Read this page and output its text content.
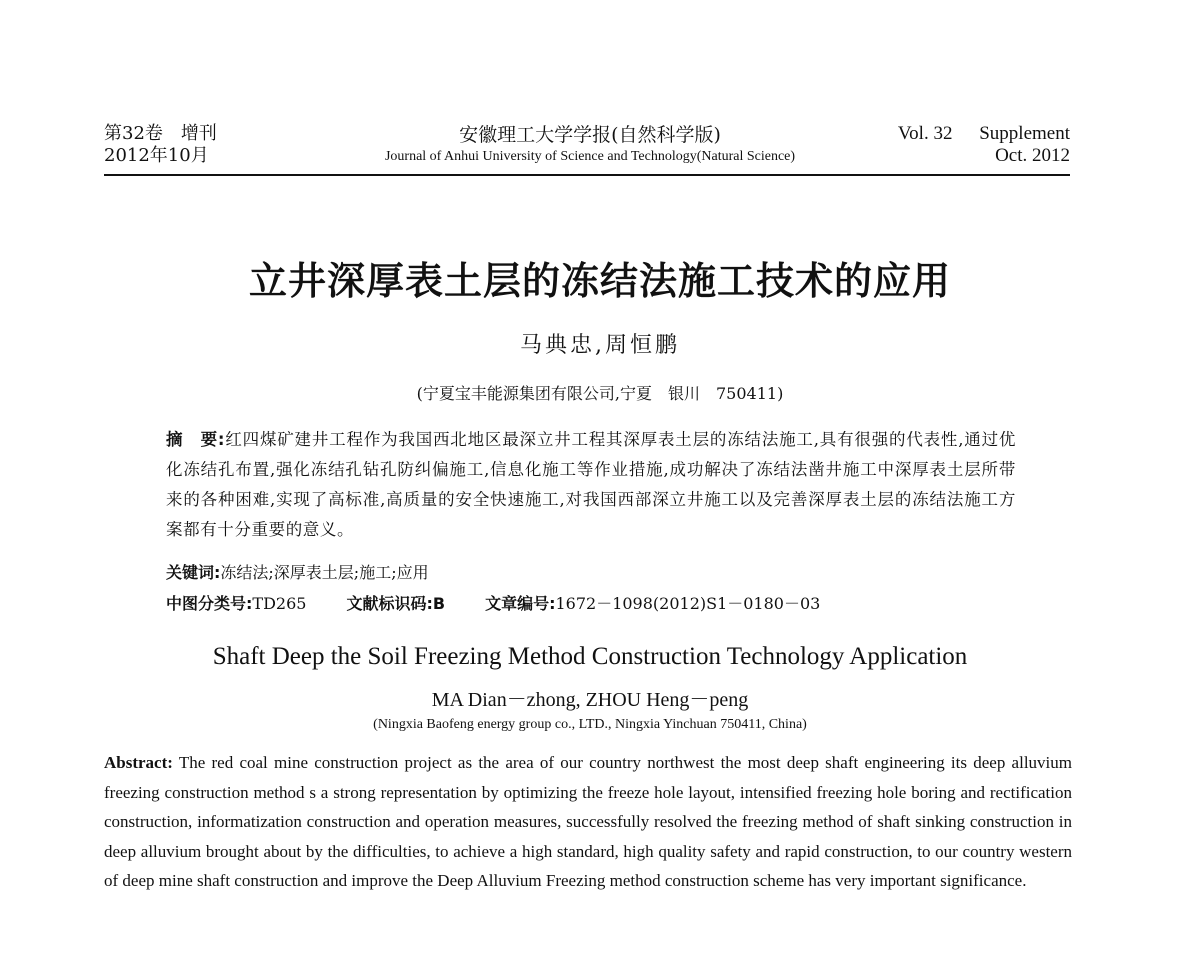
第32卷　增刊
2012年10月
安徽理工大学学报(自然科学版)
Journal of Anhui University of Science and Technology(Natural Science)
Vol. 32 Supplement
Oct. 2012
立井深厚表土层的冻结法施工技术的应用
马典忠,周恒鹏
(宁夏宝丰能源集团有限公司,宁夏　银川　750411)
摘　要:红四煤矿建井工程作为我国西北地区最深立井工程其深厚表土层的冻结法施工,具有很强的代表性,通过优化冻结孔布置,强化冻结孔钻孔防纠偏施工,信息化施工等作业措施,成功解决了冻结法凿井施工中深厚表土层所带来的各种困难,实现了高标准,高质量的安全快速施工,对我国西部深立井施工以及完善深厚表土层的冻结法施工方案都有十分重要的意义。
关键词:冻结法;深厚表土层;施工;应用
中图分类号:TD265	文献标识码:B	文章编号:1672－1098(2012)S1－0180－03
Shaft Deep the Soil Freezing Method Construction Technology Application
MA Dian－zhong, ZHOU Heng－peng
(Ningxia Baofeng energy group co., LTD., Ningxia Yinchuan 750411, China)
Abstract: The red coal mine construction project as the area of our country northwest the most deep shaft engineering its deep alluvium freezing construction method s a strong representation by optimizing the freeze hole layout, intensified freezing hole boring and rectification construction, informatization construction and operation measures, successfully resolved the freezing method of shaft sinking construction in deep alluvium brought about by the difficulties, to achieve a high standard, high quality safety and rapid construction, to our country western of deep mine shaft construction and improve the Deep Alluvium Freezing method construction scheme has very important significance.
